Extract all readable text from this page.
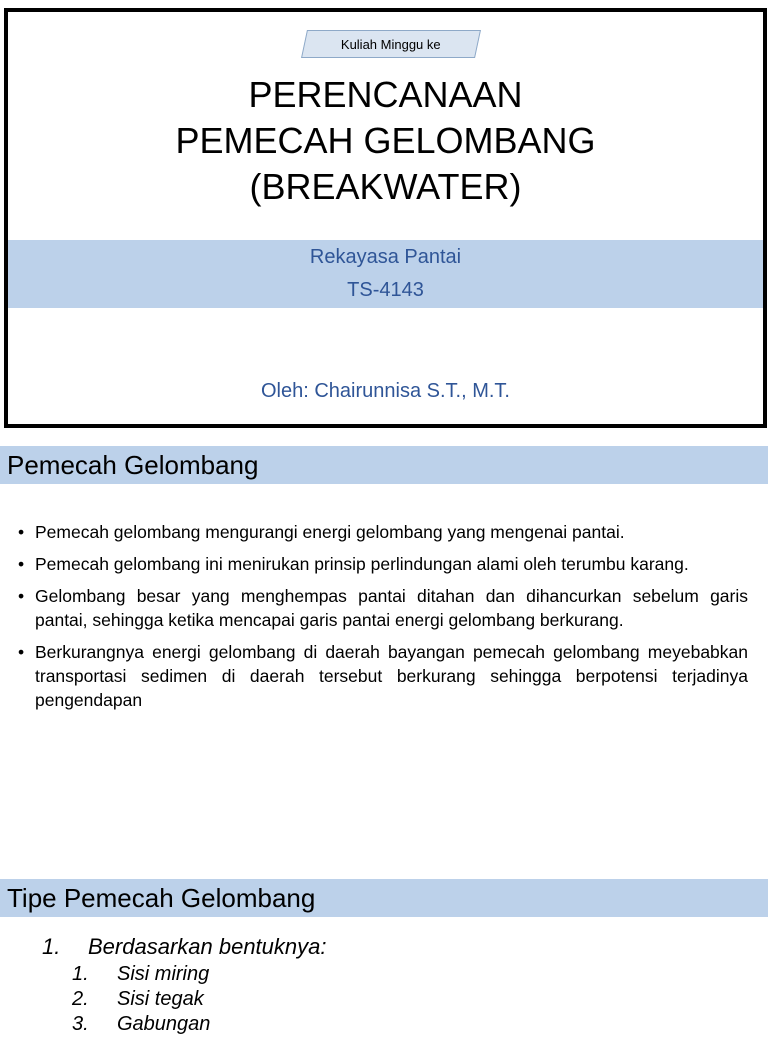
Kuliah Minggu ke
PERENCANAAN
PEMECAH GELOMBANG
(BREAKWATER)
Rekayasa Pantai
TS-4143
Oleh: Chairunnisa S.T., M.T.
Pemecah Gelombang
• Pemecah gelombang mengurangi energi gelombang yang mengenai pantai.
• Pemecah gelombang ini menirukan prinsip perlindungan alami oleh terumbu karang.
• Gelombang besar yang menghempas pantai ditahan dan dihancurkan sebelum garis pantai, sehingga ketika mencapai garis pantai energi gelombang berkurang.
• Berkurangnya energi gelombang di daerah bayangan pemecah gelombang meyebabkan transportasi sedimen di daerah tersebut berkurang sehingga berpotensi terjadinya pengendapan
Tipe Pemecah Gelombang
1.	Berdasarkan bentuknya:
1.	Sisi miring
2.	Sisi tegak
3.	Gabungan
